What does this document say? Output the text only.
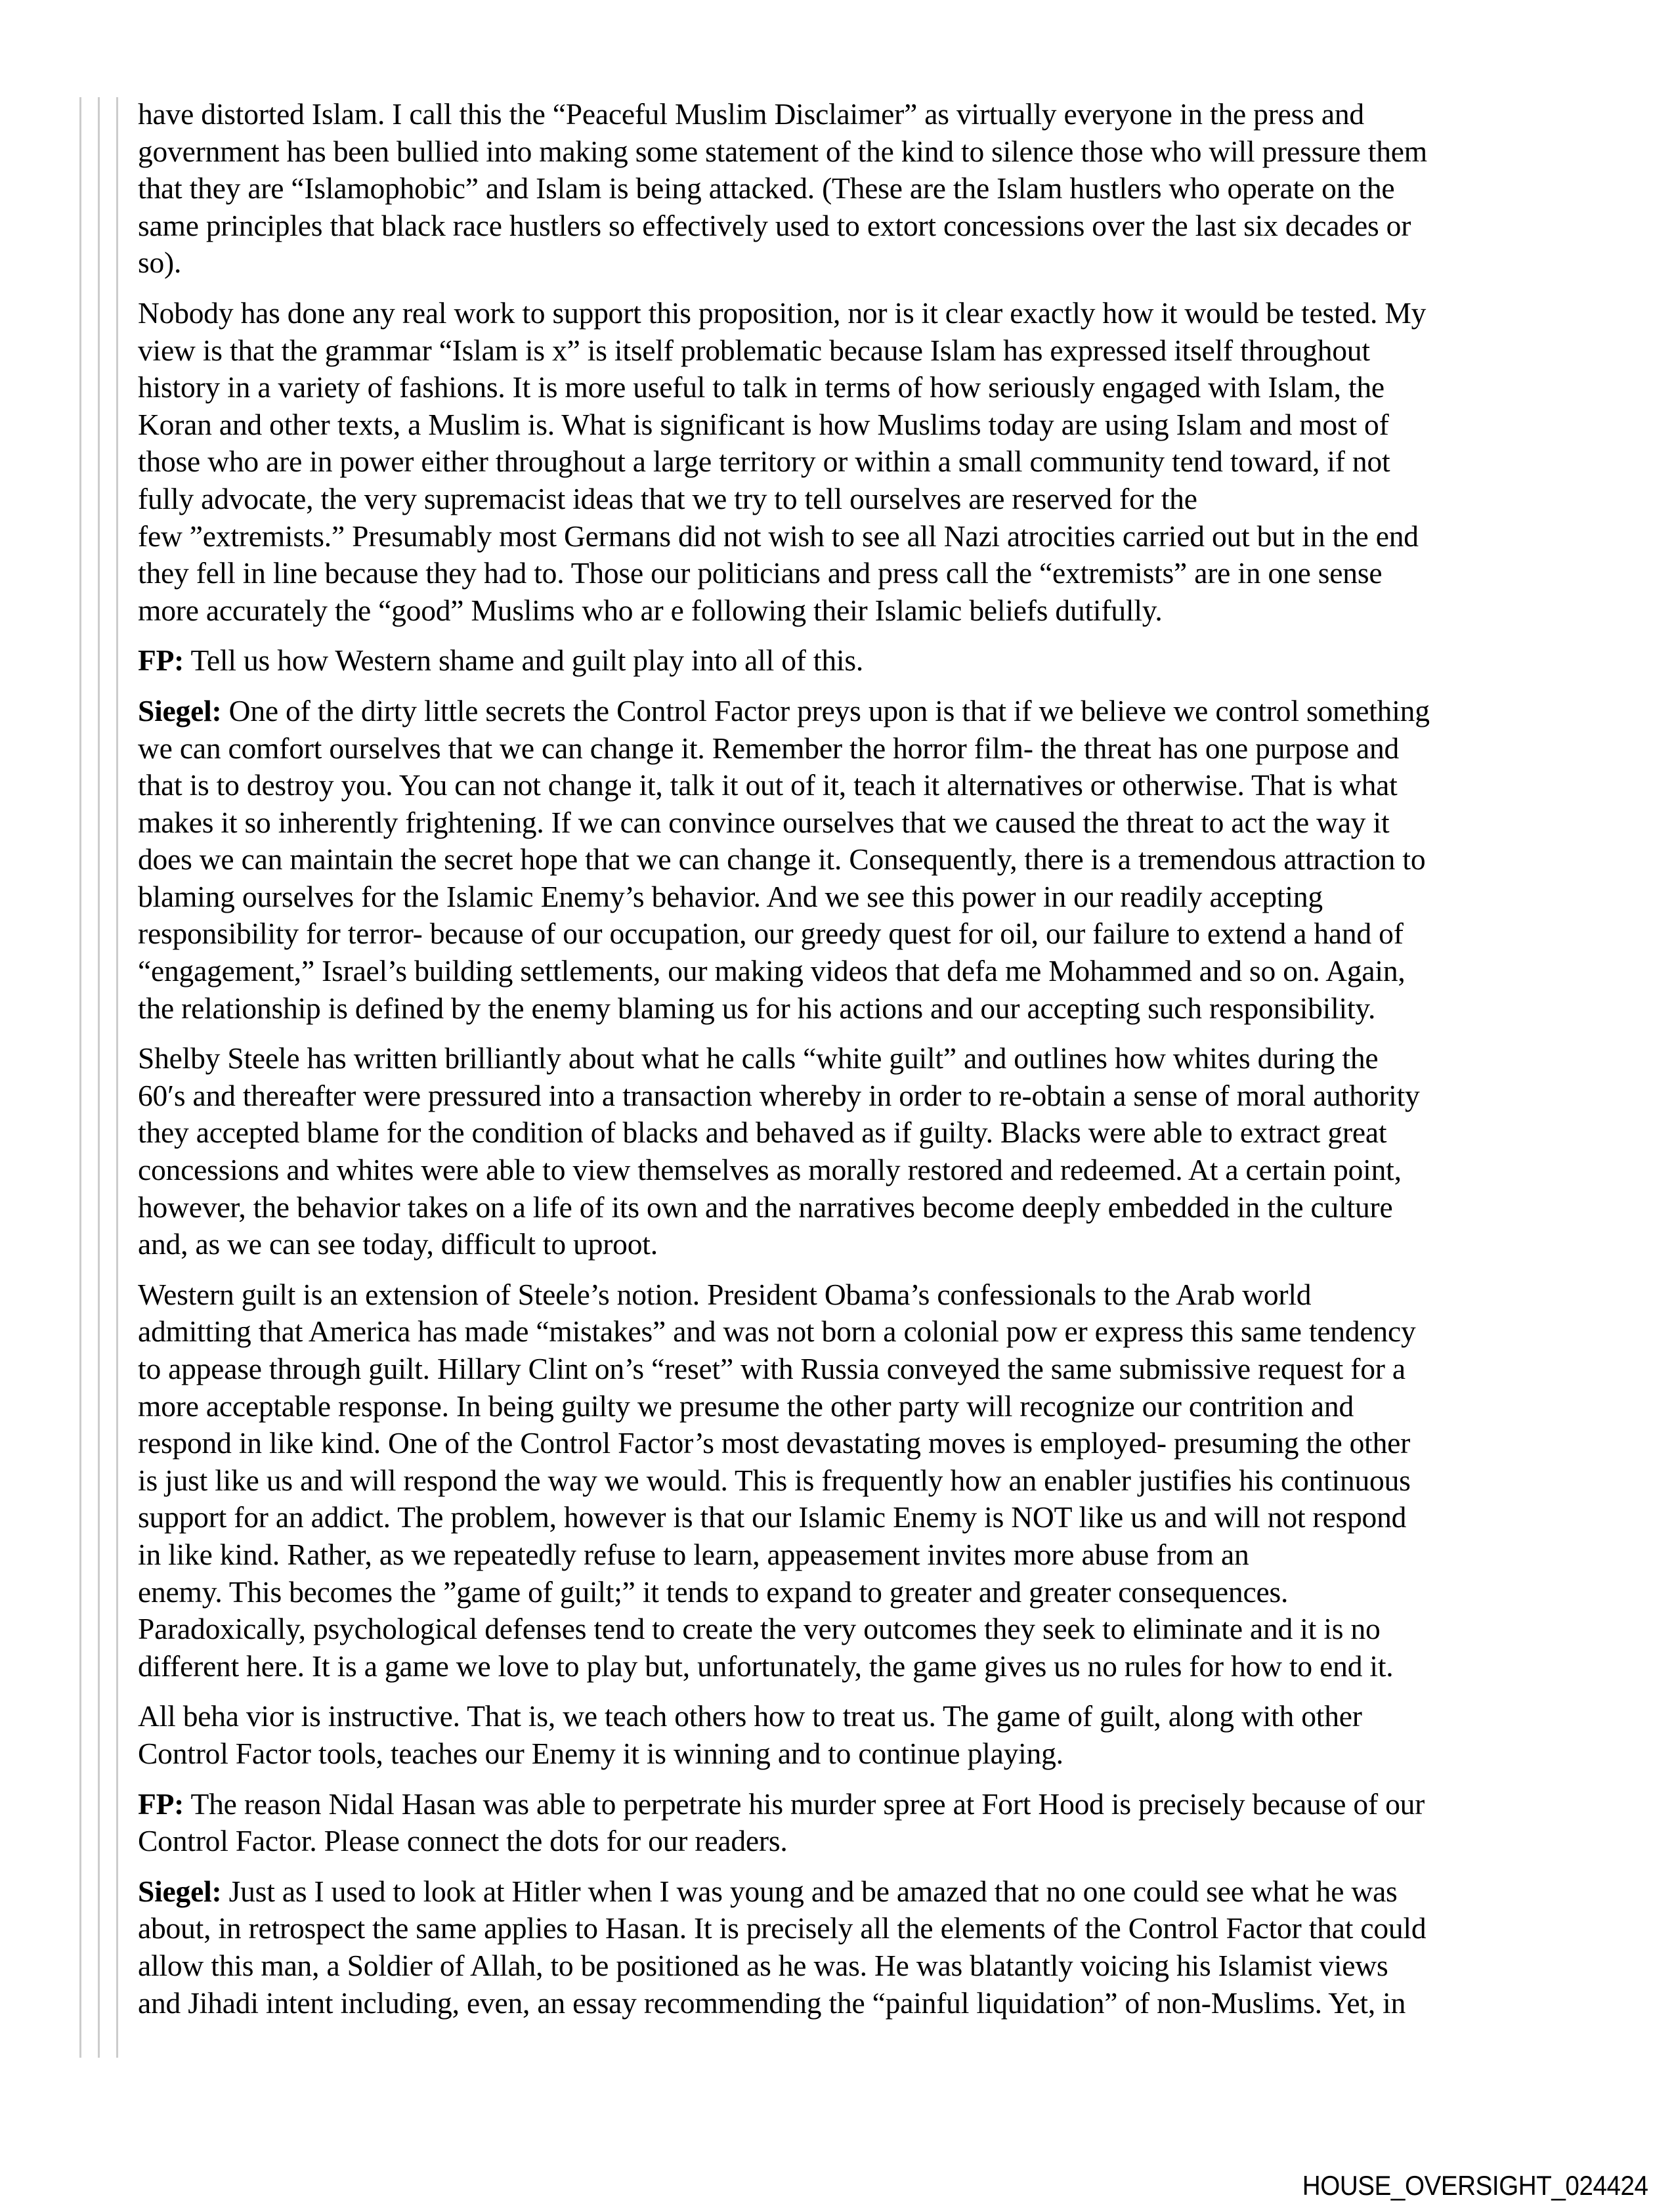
have distorted Islam. I call this the “Peaceful Muslim Disclaimer” as virtually everyone in the press and
government has been bullied into making some statement of the kind to silence those who will pressure them
that they are “Islamophobic” and Islam is being attacked. (These are the Islam hustlers who operate on the
same principles that black race hustlers so effectively used to extort concessions over the last six decades or
so).

Nobody has done any real work to support this proposition, nor is it clear exactly how it would be tested. My
view is that the grammar “Islam is x” is itself problematic because Islam has expressed itself throughout
history in a variety of fashions. It is more useful to talk in terms of how seriously engaged with Islam, the
Koran and other texts, a Muslim is. What is significant is how Muslims today are using Islam and most of
those who are in power either throughout a large territory or within a small community tend toward, if not
fully advocate, the very supremacist ideas that we try to tell ourselves are reserved for the
few ”extremists.” Presumably most Germans did not wish to see all Nazi atrocities carried out but in the end
they fell in line because they had to. Those our politicians and press call the “extremists” are in one sense
more accurately the “good” Muslims who ar e following their Islamic beliefs dutifully.

FP: Tell us how Western shame and guilt play into all of this.

Siegel: One of the dirty little secrets the Control Factor preys upon is that if we believe we control something
we can comfort ourselves that we can change it. Remember the horror film- the threat has one purpose and
that is to destroy you. You can not change it, talk it out of it, teach it alternatives or otherwise. That is what
makes it so inherently frightening. If we can convince ourselves that we caused the threat to act the way it
does we can maintain the secret hope that we can change it. Consequently, there is a tremendous attraction to
blaming ourselves for the Islamic Enemy’s behavior. And we see this power in our readily accepting
responsibility for terror- because of our occupation, our greedy quest for oil, our failure to extend a hand of
“engagement,” Israel’s building settlements, our making videos that defa me Mohammed and so on. Again,
the relationship is defined by the enemy blaming us for his actions and our accepting such responsibility.

Shelby Steele has written brilliantly about what he calls “white guilt” and outlines how whites during the
60′s and thereafter were pressured into a transaction whereby in order to re-obtain a sense of moral authority
they accepted blame for the condition of blacks and behaved as if guilty. Blacks were able to extract great
concessions and whites were able to view themselves as morally restored and redeemed. At a certain point,
however, the behavior takes on a life of its own and the narratives become deeply embedded in the culture
and, as we can see today, difficult to uproot.

Western guilt is an extension of Steele’s notion. President Obama’s confessionals to the Arab world
admitting that America has made “mistakes” and was not born a colonial pow er express this same tendency
to appease through guilt. Hillary Clint on’s “reset” with Russia conveyed the same submissive request for a
more acceptable response. In being guilty we presume the other party will recognize our contrition and
respond in like kind. One of the Control Factor’s most devastating moves is employed- presuming the other
is just like us and will respond the way we would. This is frequently how an enabler justifies his continuous
support for an addict. The problem, however is that our Islamic Enemy is NOT like us and will not respond
in like kind. Rather, as we repeatedly refuse to learn, appeasement invites more abuse from an
enemy. This becomes the ”game of guilt;” it tends to expand to greater and greater consequences.
Paradoxically, psychological defenses tend to create the very outcomes they seek to eliminate and it is no
different here. It is a game we love to play but, unfortunately, the game gives us no rules for how to end it.

All beha vior is instructive. That is, we teach others how to treat us. The game of guilt, along with other
Control Factor tools, teaches our Enemy it is winning and to continue playing.

FP: The reason Nidal Hasan was able to perpetrate his murder spree at Fort Hood is precisely because of our
Control Factor. Please connect the dots for our readers.

Siegel: Just as I used to look at Hitler when I was young and be amazed that no one could see what he was
about, in retrospect the same applies to Hasan. It is precisely all the elements of the Control Factor that could
allow this man, a Soldier of Allah, to be positioned as he was. He was blatantly voicing his Islamist views
and Jihadi intent including, even, an essay recommending the “painful liquidation” of non-Muslims. Yet, in

HOUSE_OVERSIGHT_024424
